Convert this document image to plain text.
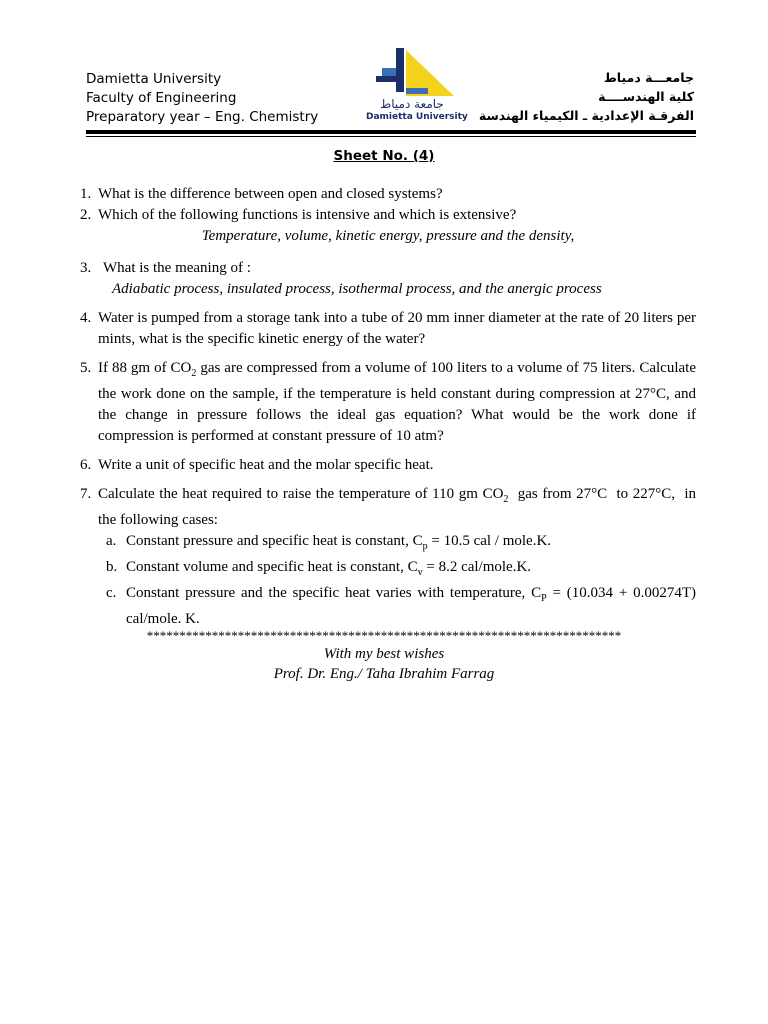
Damietta University
Faculty of Engineering
Preparatory year – Eng. Chemistry
جامعة دمياط
Damietta University
جامعـــة دمياط
كلية الهندســــة
الفرقـة الإعدادية ـ الكيمياء الهندسة
Sheet No. (4)
1. What is the difference between open and closed systems?
2. Which of the following functions is intensive and which is extensive?
Temperature, volume, kinetic energy, pressure and the density,
3. What is the meaning of :
Adiabatic process, insulated process, isothermal process, and the anergic process
4. Water is pumped from a storage tank into a tube of 20 mm inner diameter at the rate of 20 liters per mints, what is the specific kinetic energy of the water?
5. If 88 gm of $CO_2$ gas are compressed from a volume of 100 liters to a volume of 75 liters. Calculate the work done on the sample, if the temperature is held constant during compression at 27°C, and the change in pressure follows the ideal gas equation? What would be the work done if compression is performed at constant pressure of 10 atm?
6. Write a unit of specific heat and the molar specific heat.
7. Calculate the heat required to raise the temperature of 110 gm $CO_2$  gas from 27°C  to 227°C,  in the following cases:
a. Constant pressure and specific heat is constant, $C_p = 10.5$ cal / mole.K.
b. Constant volume and specific heat is constant, $C_v = 8.2$ cal/mole.K.
c. Constant pressure and the specific heat varies with temperature, $C_P = (10.034 + 0.00274T)$ cal/mole. K.
*************************************************************************
With my best wishes
Prof. Dr. Eng./ Taha Ibrahim Farrag
